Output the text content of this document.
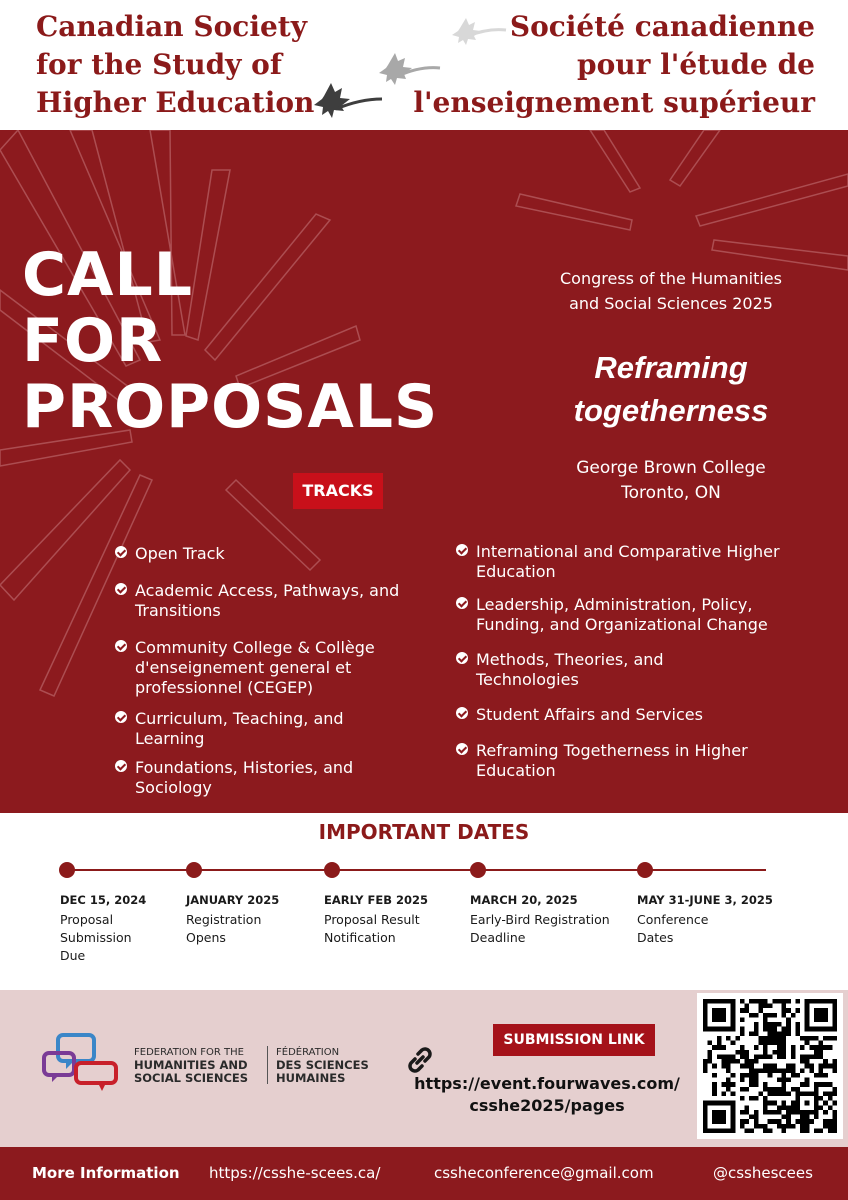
Canadian Society
for the Study of
Higher Education
Société canadienne
pour l'étude de
l'enseignement supérieur
CALL
FOR
PROPOSALS
Congress of the Humanities
and Social Sciences 2025
Reframing
togetherness
George Brown College
Toronto, ON
TRACKS
Open Track
Academic Access, Pathways, and
Transitions
Community College & Collège
d'enseignement general et
professionnel (CEGEP)
Curriculum, Teaching, and
Learning
Foundations, Histories, and
Sociology
International and Comparative Higher
Education
Leadership, Administration, Policy,
Funding, and Organizational Change
Methods, Theories, and
Technologies
Student Affairs and Services
Reframing Togetherness in Higher
Education
IMPORTANT DATES
DEC 15, 2024
Proposal
Submission
Due
JANUARY 2025
Registration
Opens
EARLY FEB 2025
Proposal Result
Notification
MARCH 20, 2025
Early-Bird Registration
Deadline
MAY 31-JUNE 3, 2025
Conference
Dates
FEDERATION FOR THE
HUMANITIES AND
SOCIAL SCIENCES
FÉDÉRATION
DES SCIENCES
HUMAINES
SUBMISSION LINK
https://event.fourwaves.com/
csshe2025/pages
More Information https://csshe-scees.ca/	cssheconference@gmail.com	@csshescees
